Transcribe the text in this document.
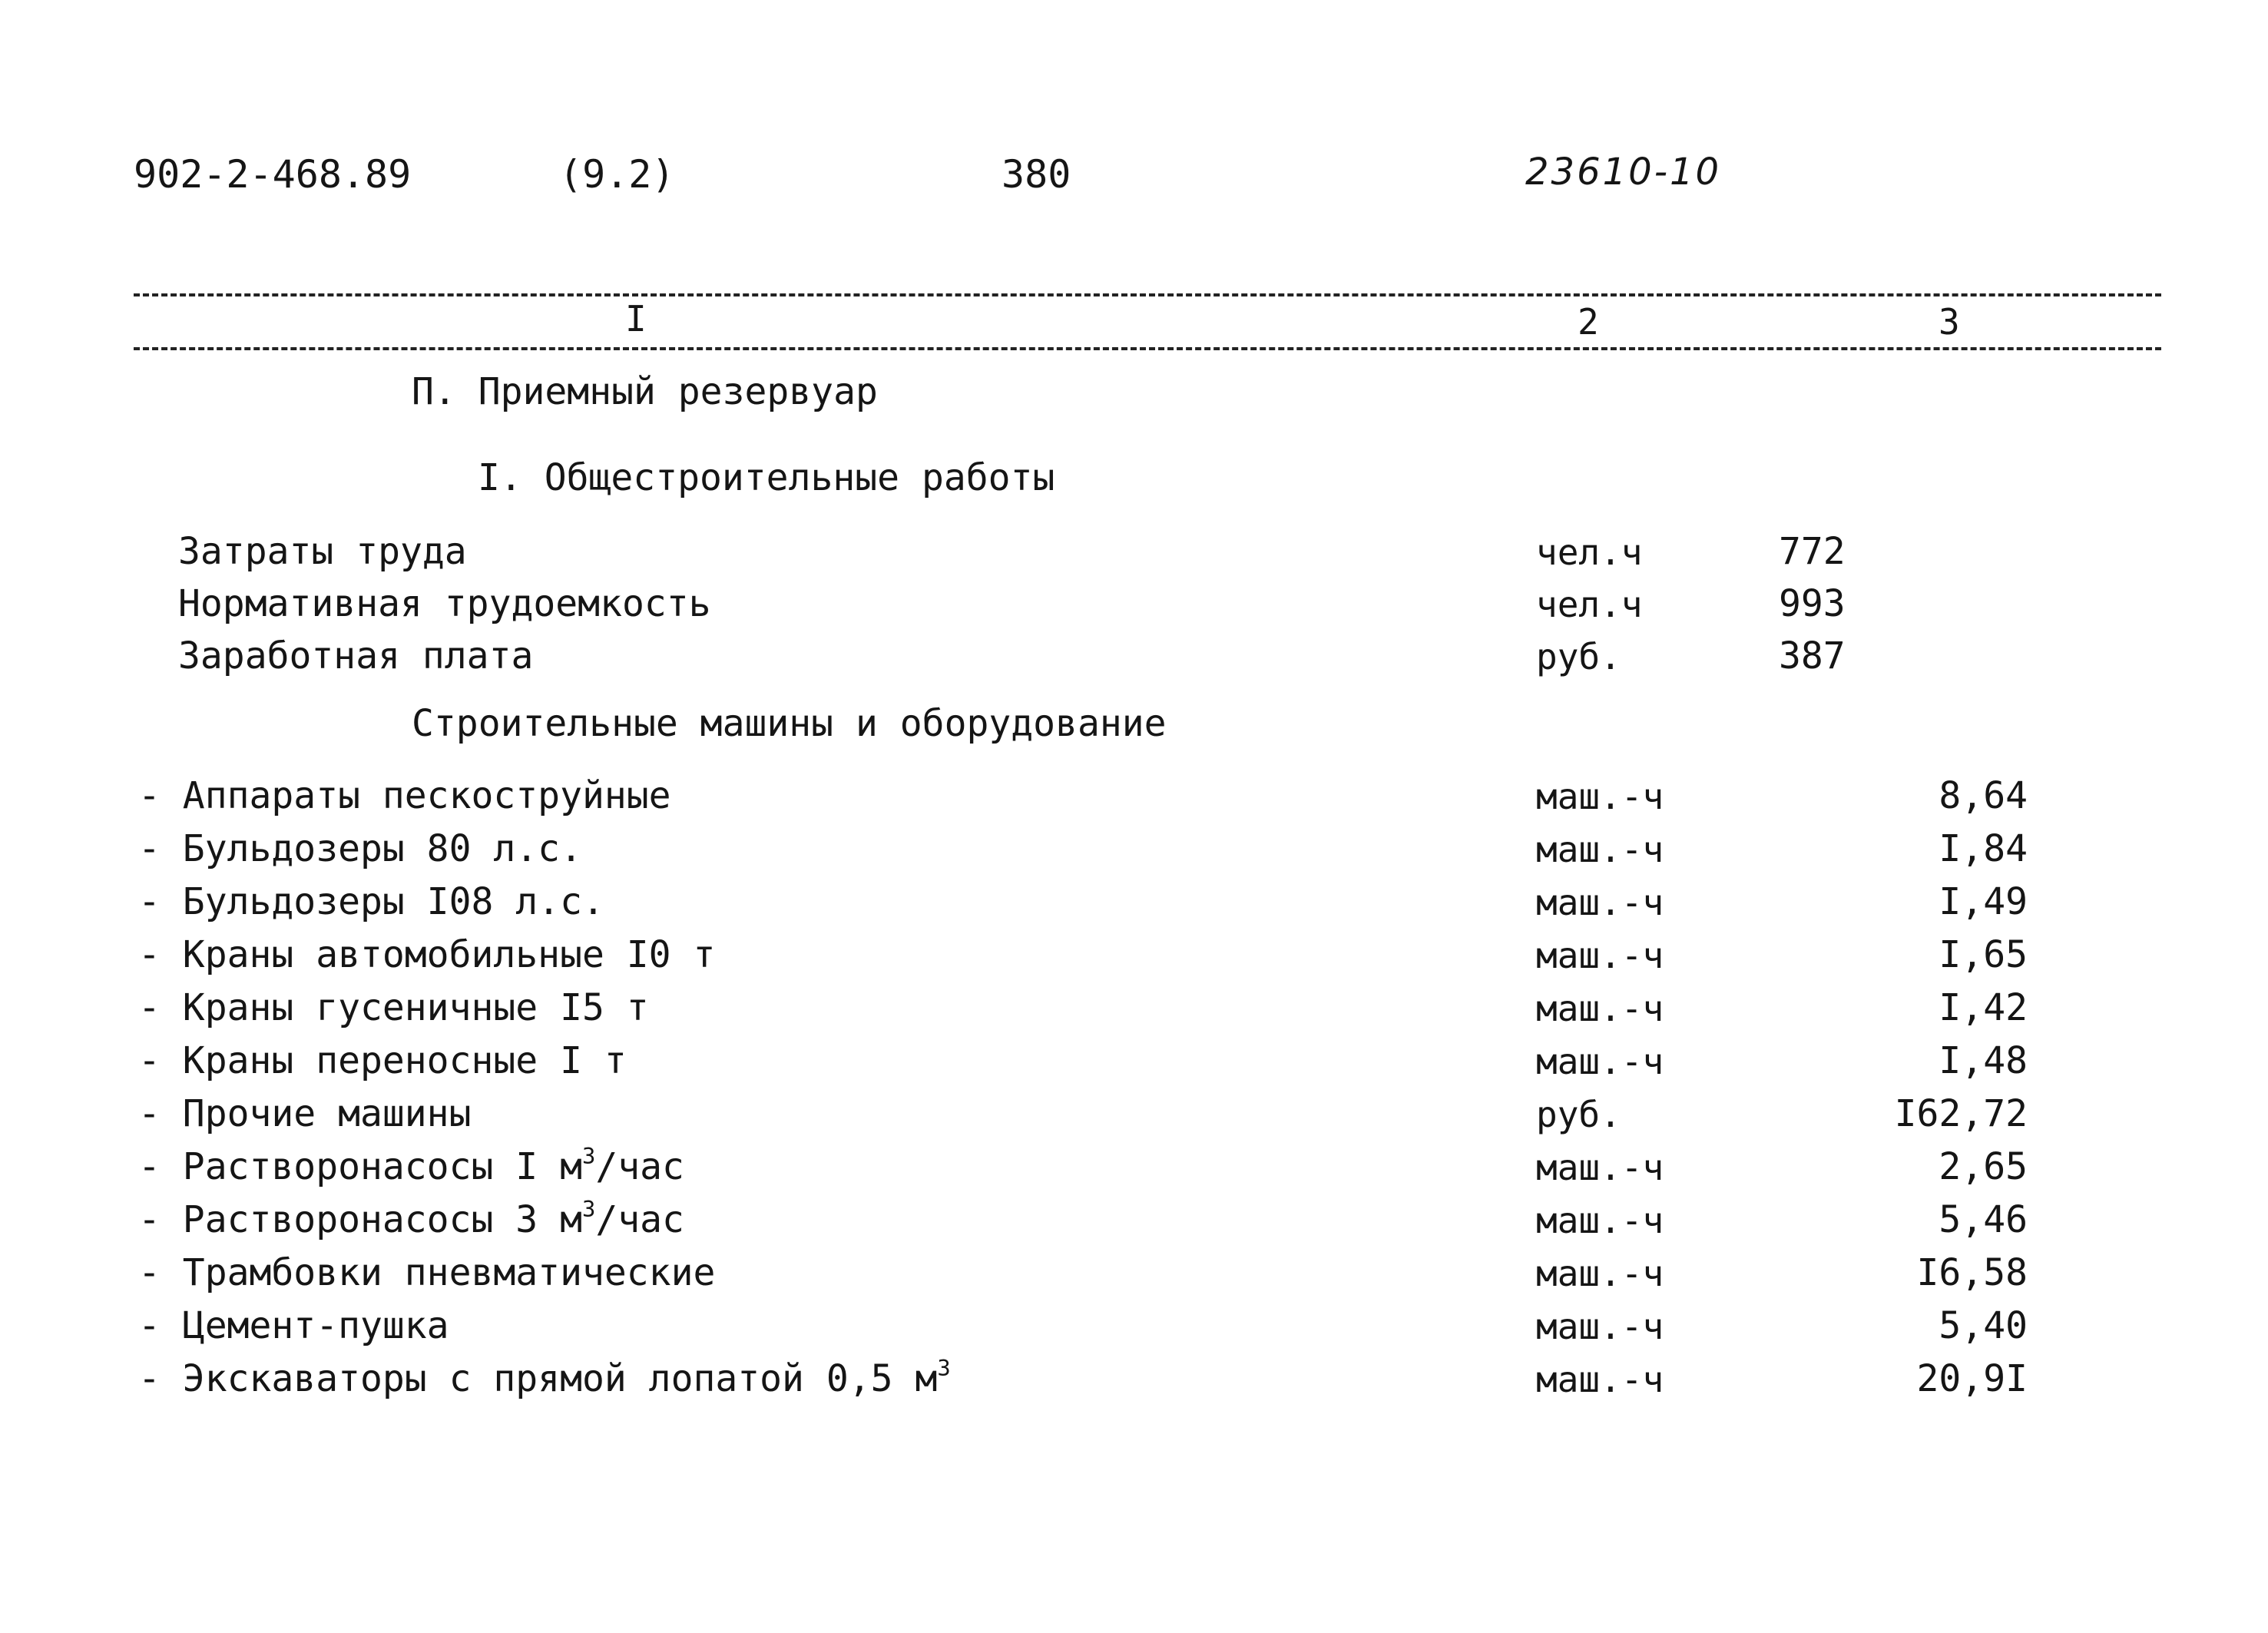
902-2-468.89	(9.2)	380	23610-10
I	2	3
П. Приемный резервуар
I. Общестроительные работы
Затраты труда	чел.ч	772
Нормативная трудоемкость	чел.ч	993
Заработная плата	руб.	387
Строительные машины и оборудование
- Аппараты пескоструйные	маш.-ч	8,64
- Бульдозеры 80 л.с.	маш.-ч	I,84
- Бульдозеры I08 л.с.	маш.-ч	I,49
- Краны автомобильные I0 т	маш.-ч	I,65
- Краны гусеничные I5 т	маш.-ч	I,42
- Краны переносные I т	маш.-ч	I,48
- Прочие машины	руб.	I62,72
- Растворонасосы I $м^3$/час	маш.-ч	2,65
- Растворонасосы 3 $м^3$/час	маш.-ч	5,46
- Трамбовки пневматические	маш.-ч	I6,58
- Цемент-пушка	маш.-ч	5,40
- Экскаваторы с прямой лопатой 0,5 $м^3$	маш.-ч	20,9I
